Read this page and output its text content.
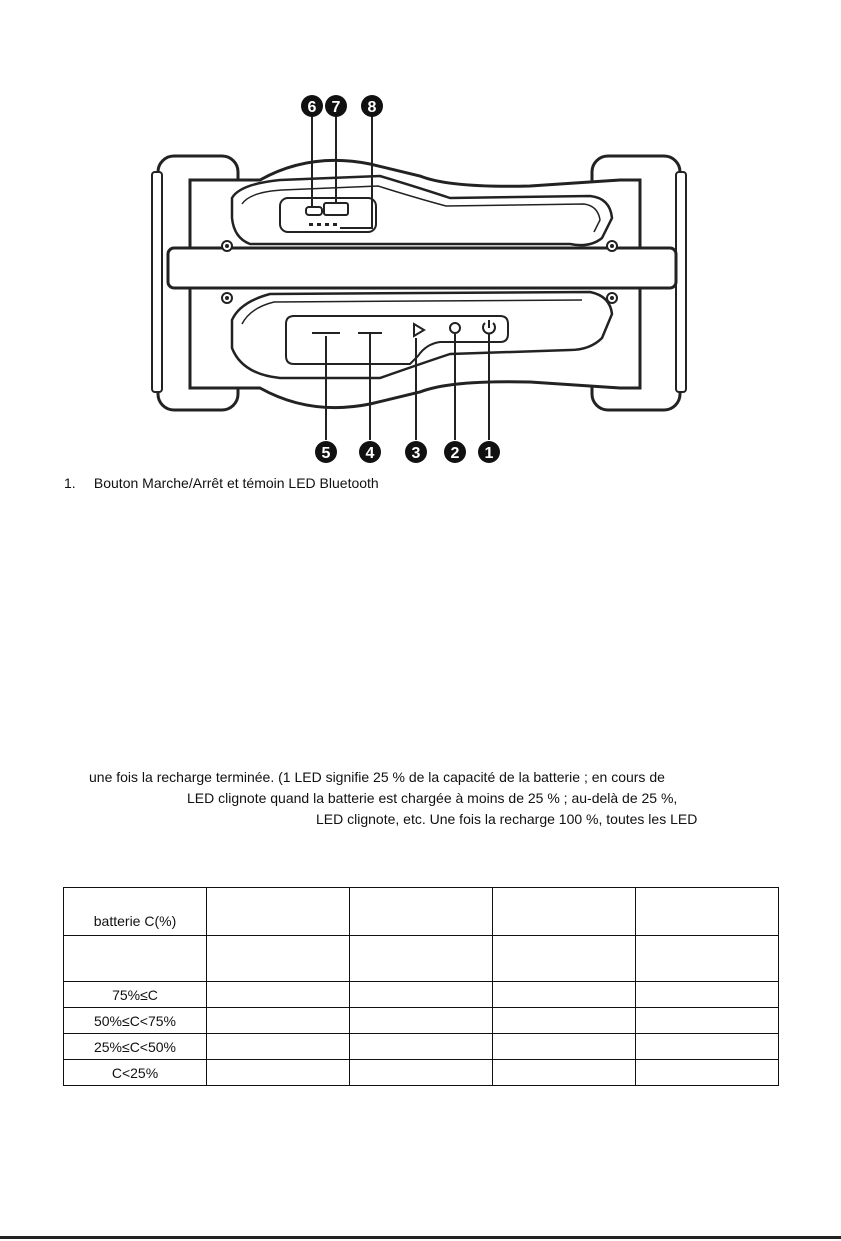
6 7 8
5 4 3 2 1
1. Bouton Marche/Arrêt et témoin LED Bluetooth
une fois la recharge terminée. (1 LED signifie 25 % de la capacité de la batterie ; en cours de
LED clignote quand la batterie est chargée à moins de 25 % ; au-delà de 25 %,
LED clignote, etc. Une fois la recharge 100 %, toutes les LED
batterie C(%)				

75%≤C				
50%≤C<75%				
25%≤C<50%				
C<25%				
